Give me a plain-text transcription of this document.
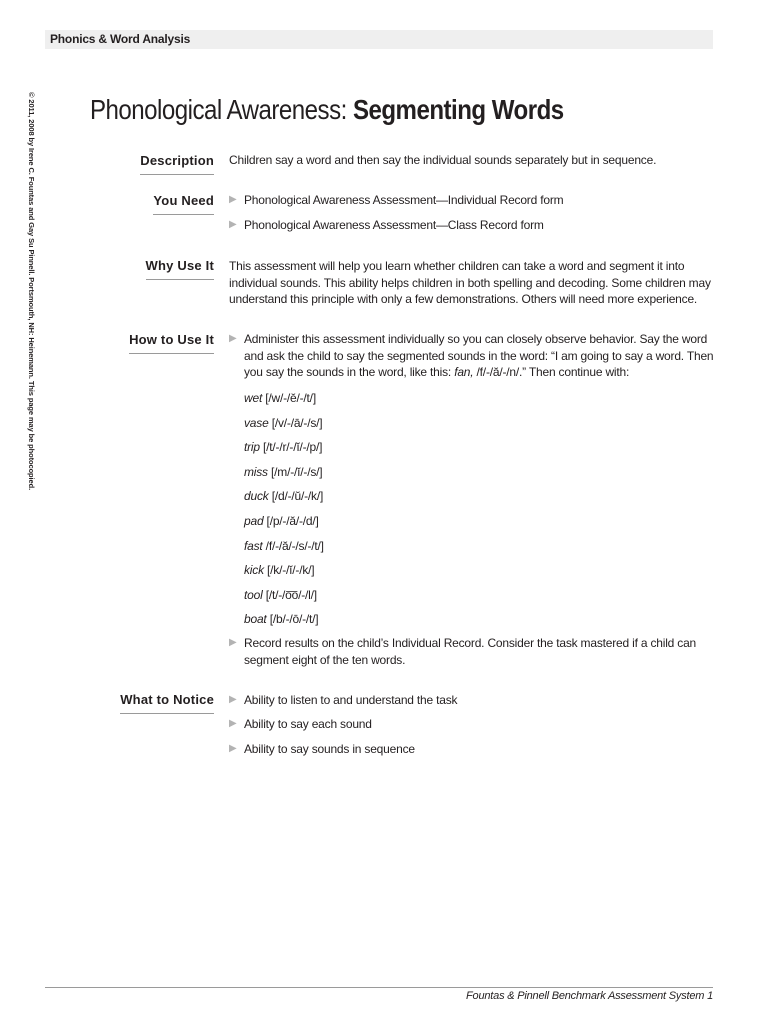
Phonics & Word Analysis
© 2011, 2008 by Irene C. Fountas and Gay Su Pinnell. Portsmouth, NH: Heinemann. This page may be photocopied. Phonological Awareness: Segmenting Words
Description Children say a word and then say the individual sounds separately but in sequence.
You Need ▶ Phonological Awareness Assessment—Individual Record form
▶ Phonological Awareness Assessment—Class Record form
Why Use It This assessment will help you learn whether children can take a word and segment it into individual sounds. This ability helps children in both spelling and decoding. Some children may understand this principle with only a few demonstrations. Others will need more experience.
How to Use It ▶ Administer this assessment individually so you can closely observe behavior. Say the word and ask the child to say the segmented sounds in the word: “I am going to say a word. Then you say the sounds in the word, like this: fan, /f/-/ă/-/n/.” Then continue with:
wet [/w/-/ĕ/-/t/]
vase [/v/-/ā/-/s/]
trip [/t/-/r/-/ĭ/-/p/]
miss [/m/-/ĭ/-/s/]
duck [/d/-/ŭ/-/k/]
pad [/p/-/ă/-/d/]
fast /f/-/ă/-/s/-/t/]
kick [/k/-/ĭ/-/k/]
tool [/t/-/o͞o/-/l/]
boat [/b/-/ō/-/t/]
▶ Record results on the child’s Individual Record. Consider the task mastered if a child can segment eight of the ten words.
What to Notice ▶ Ability to listen to and understand the task
▶ Ability to say each sound
▶ Ability to say sounds in sequence
Fountas & Pinnell Benchmark Assessment System 1
